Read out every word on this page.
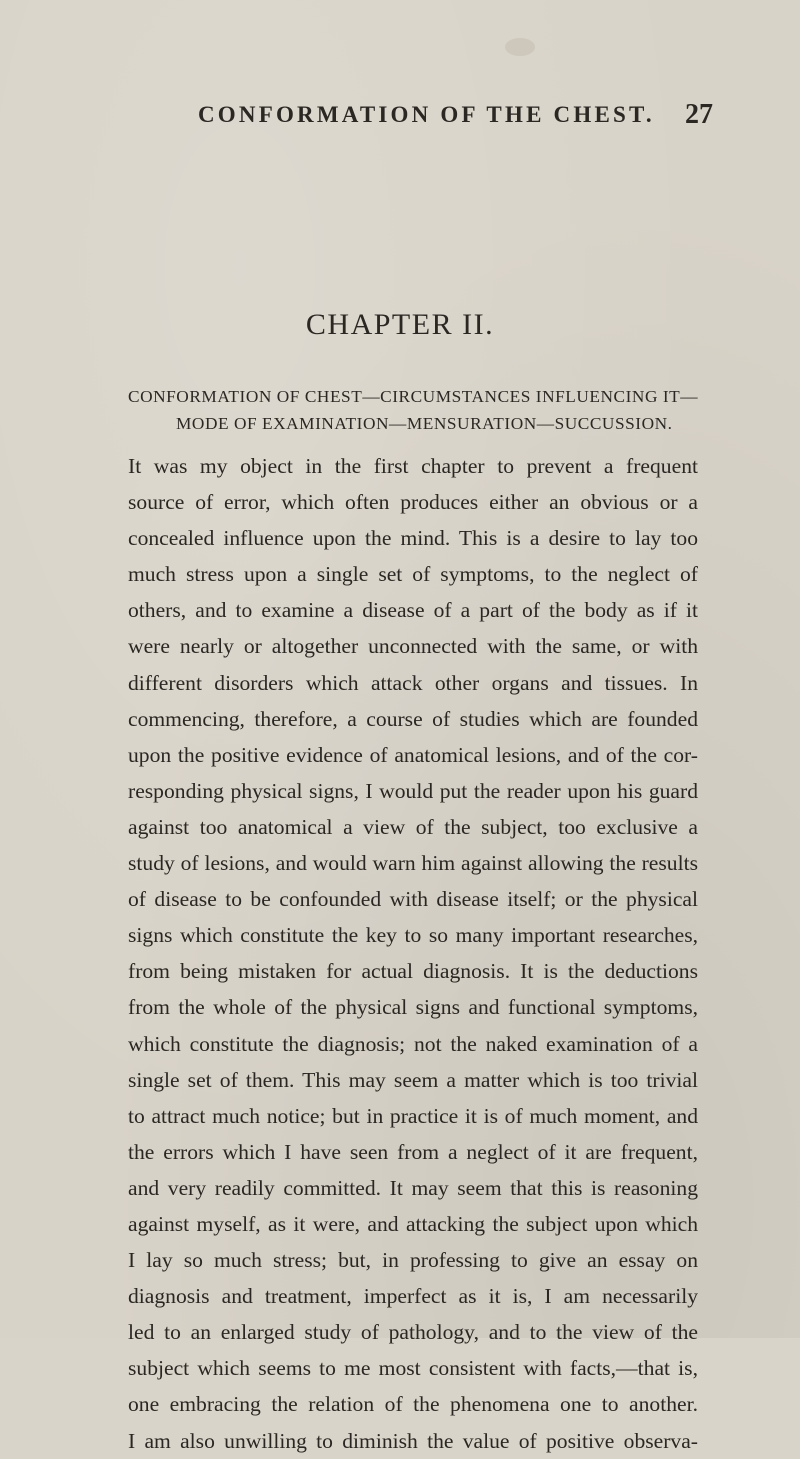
CONFORMATION OF THE CHEST. 27
CHAPTER II.
CONFORMATION OF CHEST—CIRCUMSTANCES INFLUENCING IT—
MODE OF EXAMINATION—MENSURATION—SUCCUSSION.
It was my object in the first chapter to prevent a frequent
source of error, which often produces either an obvious or a
concealed influence upon the mind. This is a desire to lay too
much stress upon a single set of symptoms, to the neglect of
others, and to examine a disease of a part of the body as if it
were nearly or altogether unconnected with the same, or with
different disorders which attack other organs and tissues. In
commencing, therefore, a course of studies which are founded
upon the positive evidence of anatomical lesions, and of the cor-
responding physical signs, I would put the reader upon his guard
against too anatomical a view of the subject, too exclusive a
study of lesions, and would warn him against allowing the results
of disease to be confounded with disease itself; or the physical
signs which constitute the key to so many important researches,
from being mistaken for actual diagnosis. It is the deductions
from the whole of the physical signs and functional symptoms,
which constitute the diagnosis; not the naked examination of a
single set of them. This may seem a matter which is too trivial
to attract much notice; but in practice it is of much moment, and
the errors which I have seen from a neglect of it are frequent,
and very readily committed. It may seem that this is reasoning
against myself, as it were, and attacking the subject upon which
I lay so much stress; but, in professing to give an essay on
diagnosis and treatment, imperfect as it is, I am necessarily
led to an enlarged study of pathology, and to the view of the
subject which seems to me most consistent with facts,—that is,
one embracing the relation of the phenomena one to another.
I am also unwilling to diminish the value of positive observa-
